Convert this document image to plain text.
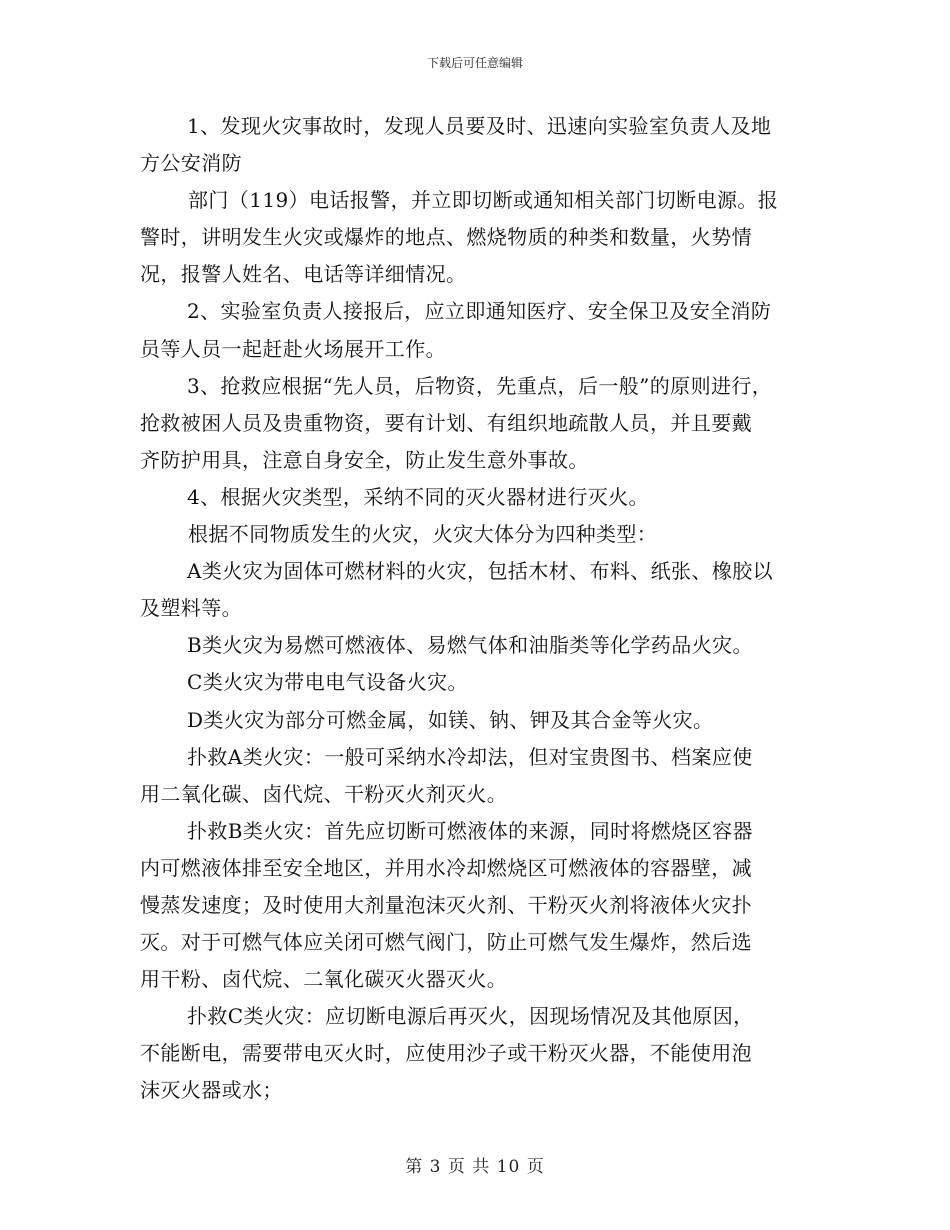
下载后可任意编辑
1、发现火灾事故时，发现人员要及时、迅速向实验室负责人及地
方公安消防
部门（119）电话报警，并立即切断或通知相关部门切断电源。报
警时，讲明发生火灾或爆炸的地点、燃烧物质的种类和数量，火势情
况，报警人姓名、电话等详细情况。
2、实验室负责人接报后，应立即通知医疗、安全保卫及安全消防
员等人员一起赶赴火场展开工作。
3、抢救应根据“先人员，后物资，先重点，后一般”的原则进行，
抢救被困人员及贵重物资，要有计划、有组织地疏散人员，并且要戴
齐防护用具，注意自身安全，防止发生意外事故。
4、根据火灾类型，采纳不同的灭火器材进行灭火。
根据不同物质发生的火灾，火灾大体分为四种类型：
A类火灾为固体可燃材料的火灾，包括木材、布料、纸张、橡胶以
及塑料等。
B类火灾为易燃可燃液体、易燃气体和油脂类等化学药品火灾。
C类火灾为带电电气设备火灾。
D类火灾为部分可燃金属，如镁、钠、钾及其合金等火灾。
扑救A类火灾：一般可采纳水冷却法，但对宝贵图书、档案应使
用二氧化碳、卤代烷、干粉灭火剂灭火。
扑救B类火灾：首先应切断可燃液体的来源，同时将燃烧区容器
内可燃液体排至安全地区，并用水冷却燃烧区可燃液体的容器壁，减
慢蒸发速度；及时使用大剂量泡沫灭火剂、干粉灭火剂将液体火灾扑
灭。对于可燃气体应关闭可燃气阀门，防止可燃气发生爆炸，然后选
用干粉、卤代烷、二氧化碳灭火器灭火。
扑救C类火灾：应切断电源后再灭火，因现场情况及其他原因，
不能断电，需要带电灭火时，应使用沙子或干粉灭火器，不能使用泡
沫灭火器或水；
第 3 页 共 10 页
